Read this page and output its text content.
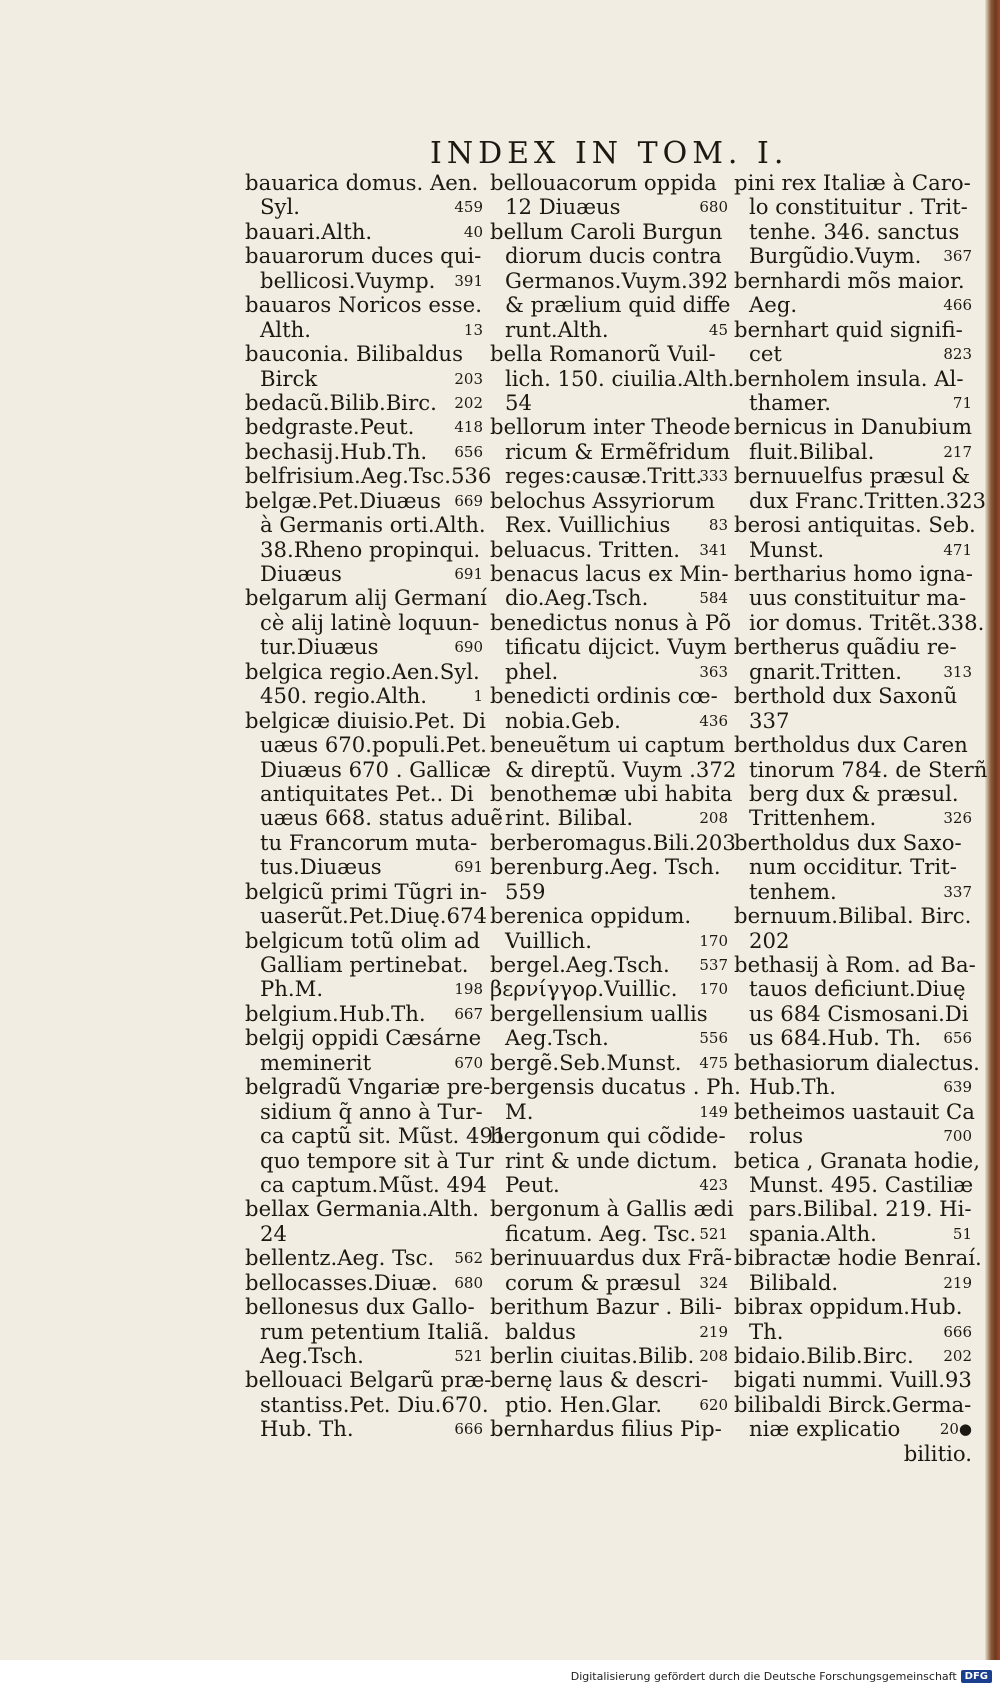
INDEX IN TOM. I.
bauarica domus. Aen.
Syl.	459
bauari.Alth.	40
bauarorum duces qui-
bellicosi.Vuymp. 391
bauaros Noricos esse.
Alth.	13
bauconia. Bilibaldus
Birck	203
bedacũ.Bilib.Birc. 202
bedgraste.Peut.	418
bechasij.Hub.Th. 656
belfrisium.Aeg.Tsc.536
belgæ.Pet.Diuæus 669
à Germanis orti.Alth.
38.Rheno propinqui.
Diuæus	691
belgarum alij Germaní
cè alij latinè loquun-
tur.Diuæus	690
belgica regio.Aen.Syl.
450. regio.Alth.	1
belgicæ diuisio.Pet. Di
uæus 670.populi.Pet.
Diuæus 670 . Gallicæ
antiquitates Pet.. Di
uæus 668. status aduẽ
tu Francorum muta-
tus.Diuæus	691
belgicũ primi Tũgri in-
uaserũt.Pet.Diuę.674
belgicum totũ olim ad
Galliam pertinebat.
Ph.M.	198
belgium.Hub.Th. 667
belgij oppidi Cæsárne
meminerit	670
belgradũ Vngariæ pre-
sidium q̃ anno à Tur-
ca captũ sit. Mũst. 491
quo tempore sit à Tur
ca captum.Mũst. 494
bellax Germania.Alth.
24
bellentz.Aeg. Tsc. 562
bellocasses.Diuæ. 680
bellonesus dux Gallo-
rum petentium Italiã.
Aeg.Tsch.	521
bellouaci Belgarũ præ-
stantiss.Pet. Diu.670.
Hub. Th.	666
bellouacorum oppida
12 Diuæus	680
bellum Caroli Burgun
diorum ducis contra
Germanos.Vuym.392
& prælium quid diffe
runt.Alth.	45
bella Romanorũ Vuil-
lich. 150. ciuilia.Alth.
54
bellorum inter Theode
ricum & Ermẽfridum
reges:causæ.Tritt.
333
belochus Assyriorum
Rex. Vuillichius	83
beluacus. Tritten. 341
benacus lacus ex Min-
dio.Aeg.Tsch.	584
benedictus nonus à Põ
tificatu dijcict. Vuym
phel.	363
benedicti ordinis cœ-
nobia.Geb.	436
beneuẽtum ui captum
& direptũ. Vuym .372
benothemæ ubi habita
rint. Bilibal.	208
berberomagus.Bili.203
berenburg.Aeg. Tsch.
559
berenica oppidum.
Vuillich.	170
bergel.Aeg.Tsch. 537
βερνίγγορ.Vuillic. 170
bergellensium uallis
Aeg.Tsch.	556
bergẽ.Seb.Munst. 475
bergensis ducatus . Ph.
M.	149
bergonum qui cõdide-
rint & unde dictum.
Peut.	423
bergonum à Gallis ædi
ficatum. Aeg. Tsc. 521
berinuuardus dux Frã-
corum & præsul 324
berithum Bazur . Bili-
baldus	219
berlin ciuitas.Bilib. 208
bernę laus & descri-
ptio. Hen.Glar. 620
bernhardus filius Pip-
pini rex Italiæ à Caro-
lo constituitur . Trit-
tenhe. 346. sanctus
Burgũdio.Vuym. 367
bernhardi mõs maior.
Aeg.	466
bernhart quid signifi-
cet	823
bernholem insula. Al-
thamer.	71
bernicus in Danubium
fluit.Bilibal.	217
bernuuelfus præsul &
dux Franc.Tritten.323
berosi antiquitas. Seb.
Munst.	471
bertharius homo igna-
uus constituitur ma-
ior domus. Tritẽt.338.
bertherus quãdiu re-
gnarit.Tritten.	313
berthold dux Saxonũ
337
bertholdus dux Caren
tinorum 784. de Sterñ
berg dux & præsul.
Trittenhem.	326
bertholdus dux Saxo-
num occiditur. Trit-
tenhem.	337
bernuum.Bilibal. Birc.
202
bethasij à Rom. ad Ba-
tauos deficiunt.Diuę
us 684 Cismosani.Di
us 684.Hub. Th. 656
bethasiorum dialectus.
Hub.Th.	639
betheimos uastauit Ca
rolus	700
betica , Granata hodie,
Munst. 495. Castiliæ
pars.Bilibal. 219. Hi-
spania.Alth.	51
bibractæ hodie Benraí.
Bilibald.	219
bibrax oppidum.Hub.
Th.	666
bidaio.Bilib.Birc. 202
bigati nummi. Vuill.93
bilibaldi Birck.Germa-
niæ explicatio	20●
bilitio.
Digitalisierung gefördert durch die Deutsche Forschungsgemeinschaft DFG
